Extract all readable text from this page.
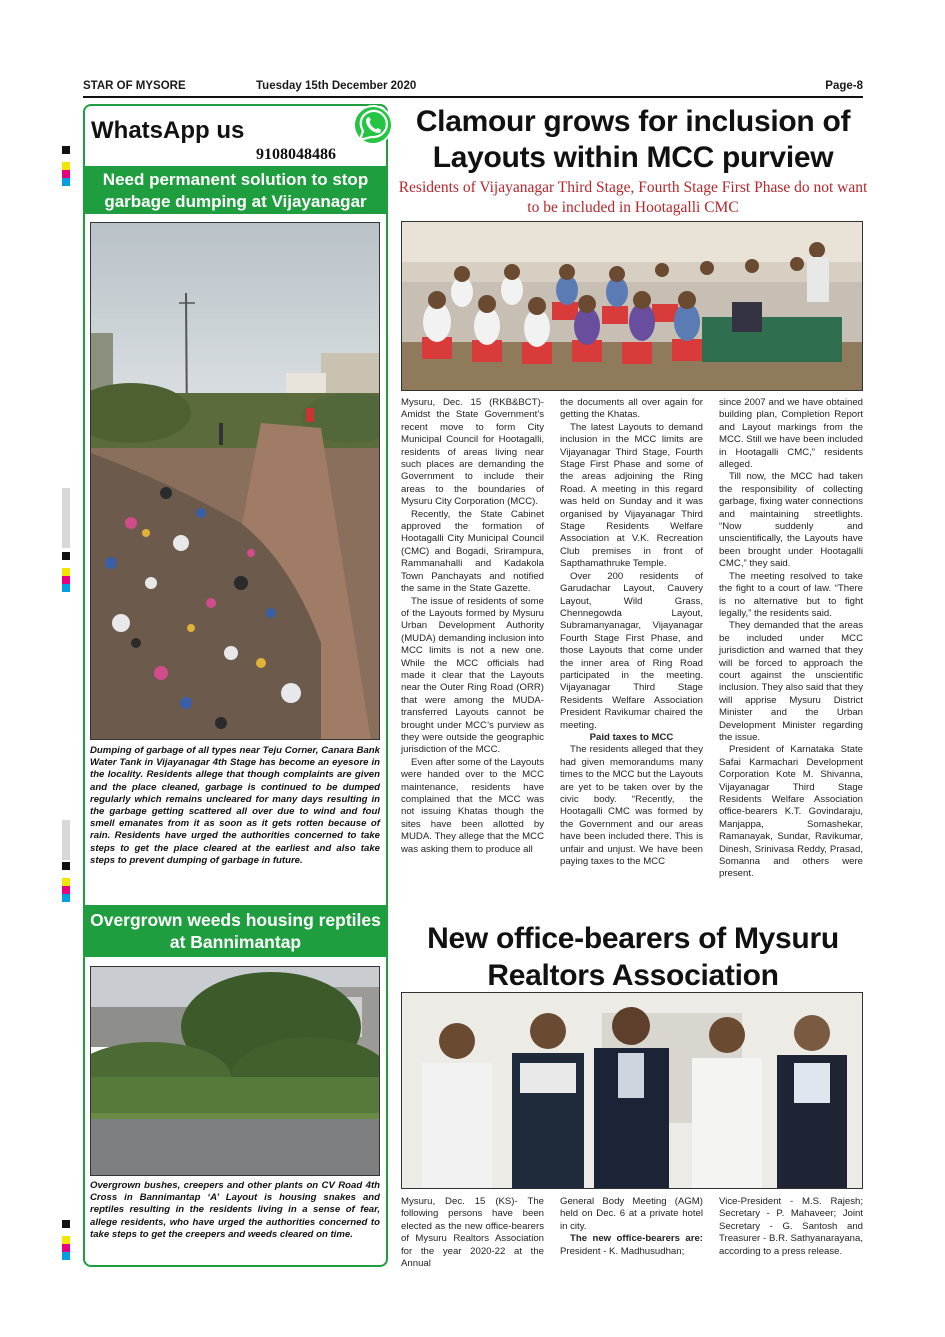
STAR OF MYSORE	Tuesday 15th December 2020	Page-8
WhatsApp us
9108048486
Need permanent solution to stop garbage dumping at Vijayanagar
Dumping of garbage of all types near Teju Corner, Canara Bank Water Tank in Vijayanagar 4th Stage has become an eyesore in the locality. Residents allege that though complaints are given and the place cleaned, garbage is continued to be dumped regularly which remains uncleared for many days resulting in the garbage getting scattered all over due to wind and foul smell emanates from it as soon as it gets rotten because of rain. Residents have urged the authorities concerned to take steps to get the place cleared at the earliest and also take steps to prevent dumping of garbage in future.
Overgrown weeds housing reptiles at Bannimantap
Overgrown bushes, creepers and other plants on CV Road 4th Cross in Bannimantap ‘A’ Layout is housing snakes and reptiles resulting in the residents living in a sense of fear, allege residents, who have urged the authorities concerned to take steps to get the creepers and weeds cleared on time.
Clamour grows for inclusion of Layouts within MCC purview
Residents of Vijayanagar Third Stage, Fourth Stage First Phase do not want to be included in Hootagalli CMC

Mysuru, Dec. 15 (RKB&BCT)- Amidst the State Government’s recent move to form City Municipal Council for Hootagalli, residents of areas living near such places are demanding the Government to include their areas to the boundaries of Mysuru City Corporation (MCC).

Recently, the State Cabinet approved the formation of Hootagalli City Municipal Council (CMC) and Bogadi, Srirampura, Rammanahalli and Kadakola Town Panchayats and notified the same in the State Gazette.

The issue of residents of some of the Layouts formed by Mysuru Urban Development Authority (MUDA) demanding inclusion into MCC limits is not a new one. While the MCC officials had made it clear that the Layouts near the Outer Ring Road (ORR) that were among the MUDA-transferred Layouts cannot be brought under MCC’s purview as they were outside the geographic jurisdiction of the MCC.

Even after some of the Layouts were handed over to the MCC maintenance, residents have complained that the MCC was not issuing Khatas though the sites have been allotted by MUDA. They allege that the MCC was asking them to produce all

the documents all over again for getting the Khatas.

The latest Layouts to demand inclusion in the MCC limits are Vijayanagar Third Stage, Fourth Stage First Phase and some of the areas adjoining the Ring Road. A meeting in this regard was held on Sunday and it was organised by Vijayanagar Third Stage Residents Welfare Association at V.K. Recreation Club premises in front of Sapthamathruke Temple.

Over 200 residents of Garudachar Layout, Cauvery Layout, Wild Grass, Chennegowda Layout, Subramanyanagar, Vijayanagar Fourth Stage First Phase, and those Layouts that come under the inner area of Ring Road participated in the meeting. Vijayanagar Third Stage Residents Welfare Association President Ravikumar chaired the meeting.

Paid taxes to MCC

The residents alleged that they had given memorandums many times to the MCC but the Layouts are yet to be taken over by the civic body. “Recently, the Hootagalli CMC was formed by the Government and our areas have been included there. This is unfair and unjust. We have been paying taxes to the MCC

since 2007 and we have obtained building plan, Completion Report and Layout markings from the MCC. Still we have been included in Hootagalli CMC,” residents alleged.

Till now, the MCC had taken the responsibility of collecting garbage, fixing water connections and maintaining streetlights. “Now suddenly and unscientifically, the Layouts have been brought under Hootagalli CMC,” they said.

The meeting resolved to take the fight to a court of law. “There is no alternative but to fight legally,” the residents said.

They demanded that the areas be included under MCC jurisdiction and warned that they will be forced to approach the court against the unscientific inclusion. They also said that they will apprise Mysuru District Minister and the Urban Development Minister regarding the issue.

President of Karnataka State Safai Karmachari Development Corporation Kote M. Shivanna, Vijayanagar Third Stage Residents Welfare Association office-bearers K.T. Govindaraju, Manjappa, Somashekar, Ramanayak, Sundar, Ravikumar, Dinesh, Srinivasa Reddy, Prasad, Somanna and others were present.

New office-bearers of Mysuru Realtors Association

Mysuru, Dec. 15 (KS)- The following persons have been elected as the new office-bearers of Mysuru Realtors Association for the year 2020-22 at the Annual

General Body Meeting (AGM) held on Dec. 6 at a private hotel in city.

The new office-bearers are: President - K. Madhusudhan;

Vice-President - M.S. Rajesh; Secretary - P. Mahaveer; Joint Secretary - G. Santosh and Treasurer - B.R. Sathyanarayana, according to a press release.
